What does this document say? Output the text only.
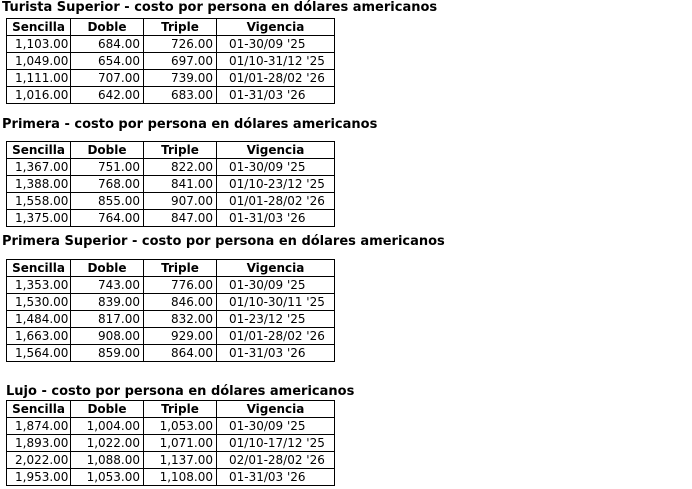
Turista Superior - costo por persona en dólares americanos
Sencilla	Doble	Triple	Vigencia
1,103.00	684.00	726.00	01-30/09 '25
1,049.00	654.00	697.00	01/10-31/12 '25
1,111.00	707.00	739.00	01/01-28/02 '26
1,016.00	642.00	683.00	01-31/03 '26
Primera - costo por persona en dólares americanos
Sencilla	Doble	Triple	Vigencia
1,367.00	751.00	822.00	01-30/09 '25
1,388.00	768.00	841.00	01/10-23/12 '25
1,558.00	855.00	907.00	01/01-28/02 '26
1,375.00	764.00	847.00	01-31/03 '26
Primera Superior - costo por persona en dólares americanos
Sencilla	Doble	Triple	Vigencia
1,353.00	743.00	776.00	01-30/09 '25
1,530.00	839.00	846.00	01/10-30/11 '25
1,484.00	817.00	832.00	01-23/12 '25
1,663.00	908.00	929.00	01/01-28/02 '26
1,564.00	859.00	864.00	01-31/03 '26
Lujo - costo por persona en dólares americanos
Sencilla	Doble	Triple	Vigencia
1,874.00	1,004.00	1,053.00	01-30/09 '25
1,893.00	1,022.00	1,071.00	01/10-17/12 '25
2,022.00	1,088.00	1,137.00	02/01-28/02 '26
1,953.00	1,053.00	1,108.00	01-31/03 '26
